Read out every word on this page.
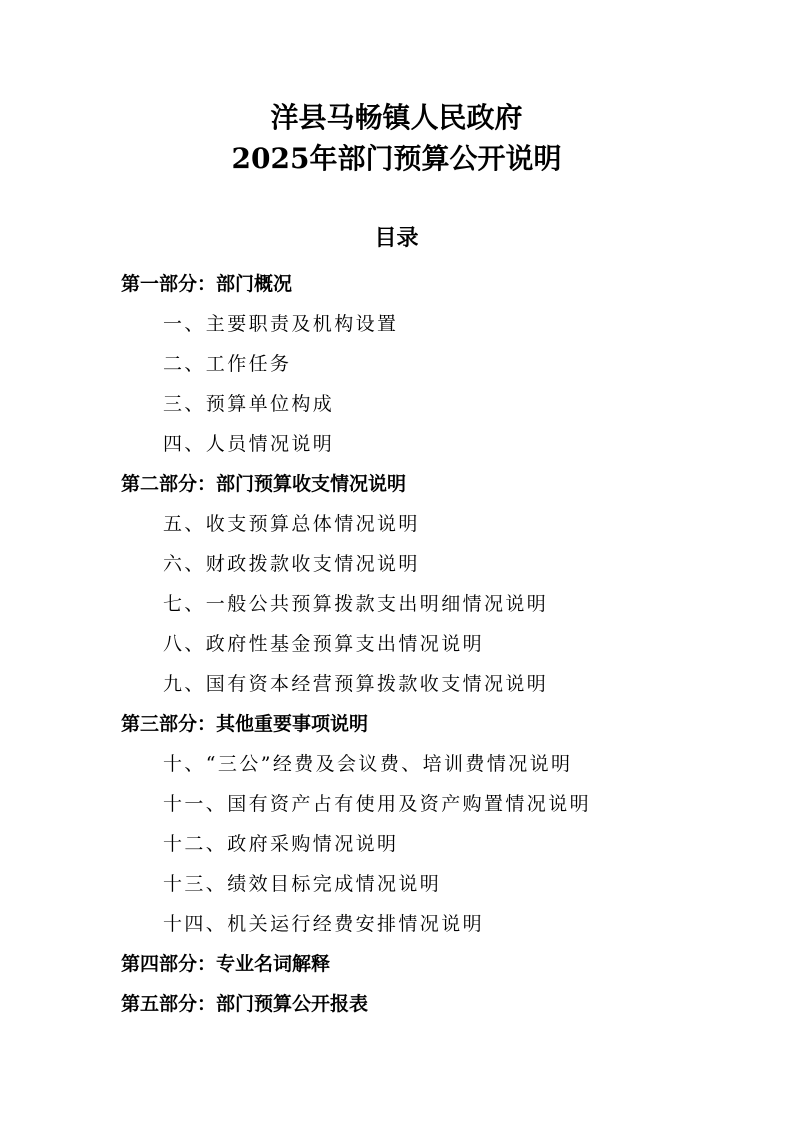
洋县马畅镇人民政府
2025年部门预算公开说明
目录
第一部分：部门概况
一、主要职责及机构设置
二、工作任务
三、预算单位构成
四、人员情况说明
第二部分：部门预算收支情况说明
五、收支预算总体情况说明
六、财政拨款收支情况说明
七、一般公共预算拨款支出明细情况说明
八、政府性基金预算支出情况说明
九、国有资本经营预算拨款收支情况说明
第三部分：其他重要事项说明
十、“三公”经费及会议费、培训费情况说明
十一、国有资产占有使用及资产购置情况说明
十二、政府采购情况说明
十三、绩效目标完成情况说明
十四、机关运行经费安排情况说明
第四部分：专业名词解释
第五部分：部门预算公开报表
